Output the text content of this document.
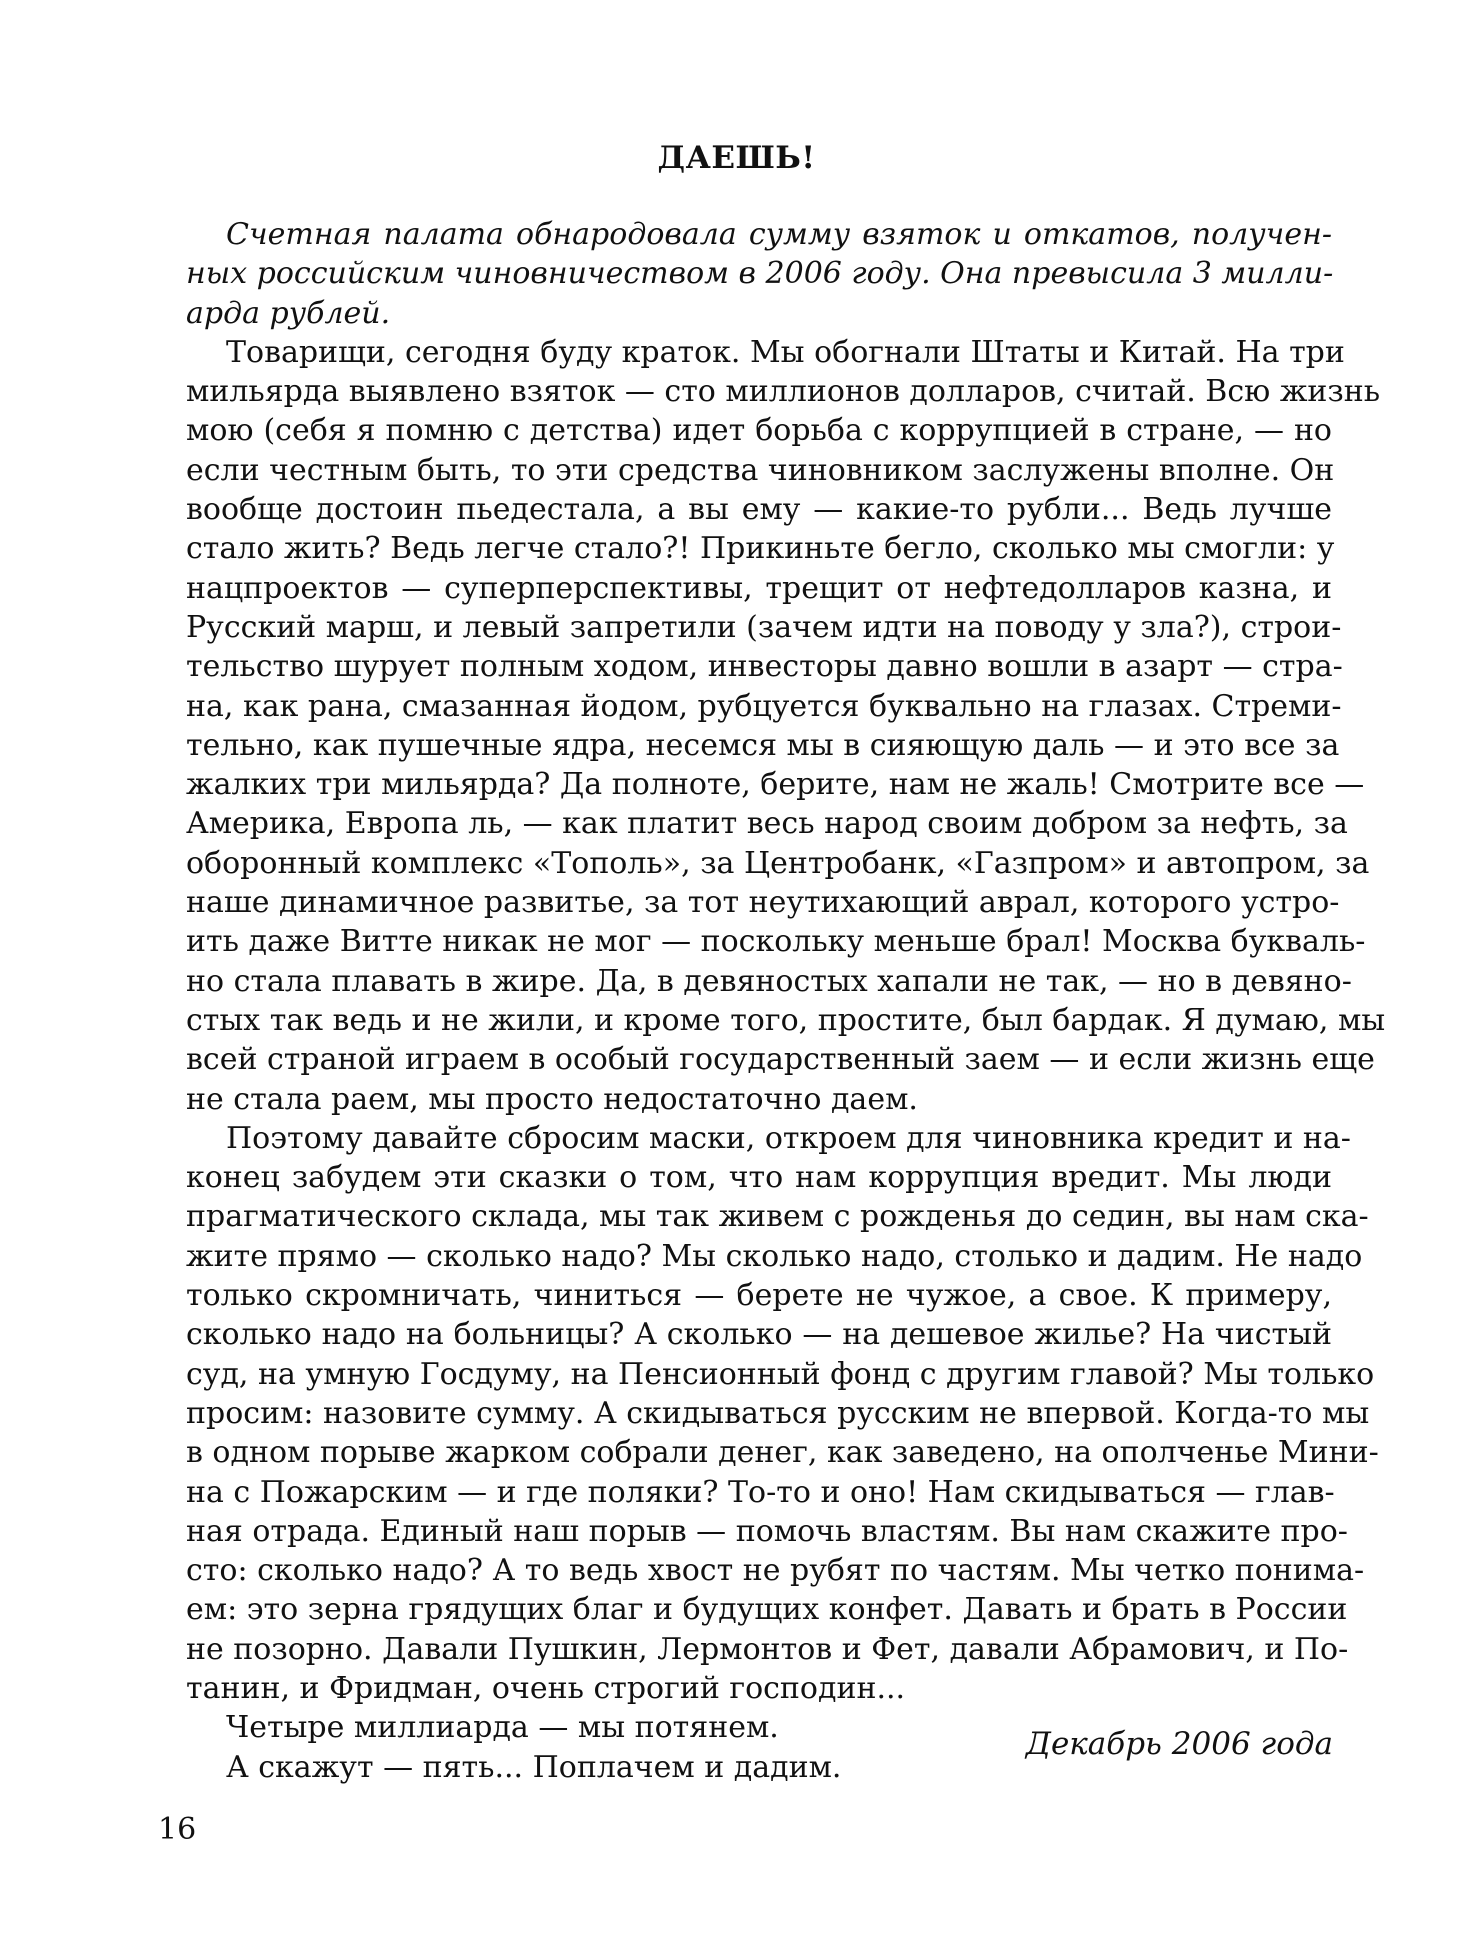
ДАЕШЬ!
Счетная палата обнародовала сумму взяток и откатов, получен-
ных российским чиновничеством в 2006 году. Она превысила 3 милли-
арда рублей.
Товарищи, сегодня буду краток. Мы обогнали Штаты и Китай. На три
мильярда выявлено взяток — сто миллионов долларов, считай. Всю жизнь
мою (себя я помню с детства) идет борьба с коррупцией в стране, — но
если честным быть, то эти средства чиновником заслужены вполне. Он
вообще достоин пьедестала, а вы ему — какие-то рубли... Ведь лучше
стало жить? Ведь легче стало?! Прикиньте бегло, сколько мы смогли: у
нацпроектов — суперперспективы, трещит от нефтедолларов казна, и
Русский марш, и левый запретили (зачем идти на поводу у зла?), строи-
тельство шурует полным ходом, инвесторы давно вошли в азарт — стра-
на, как рана, смазанная йодом, рубцуется буквально на глазах. Стреми-
тельно, как пушечные ядра, несемся мы в сияющую даль — и это все за
жалких три мильярда? Да полноте, берите, нам не жаль! Смотрите все —
Америка, Европа ль, — как платит весь народ своим добром за нефть, за
оборонный комплекс «Тополь», за Центробанк, «Газпром» и автопром, за
наше динамичное развитье, за тот неутихающий аврал, которого устро-
ить даже Витте никак не мог — поскольку меньше брал! Москва букваль-
но стала плавать в жире. Да, в девяностых хапали не так, — но в девяно-
стых так ведь и не жили, и кроме того, простите, был бардак. Я думаю, мы
всей страной играем в особый государственный заем — и если жизнь еще
не стала раем, мы просто недостаточно даем.
Поэтому давайте сбросим маски, откроем для чиновника кредит и на-
конец забудем эти сказки о том, что нам коррупция вредит. Мы люди
прагматического склада, мы так живем с рожденья до седин, вы нам ска-
жите прямо — сколько надо? Мы сколько надо, столько и дадим. Не надо
только скромничать, чиниться — берете не чужое, а свое. К примеру,
сколько надо на больницы? А сколько — на дешевое жилье? На чистый
суд, на умную Госдуму, на Пенсионный фонд с другим главой? Мы только
просим: назовите сумму. А скидываться русским не впервой. Когда-то мы
в одном порыве жарком собрали денег, как заведено, на ополченье Мини-
на с Пожарским — и где поляки? То-то и оно! Нам скидываться — глав-
ная отрада. Единый наш порыв — помочь властям. Вы нам скажите про-
сто: сколько надо? А то ведь хвост не рубят по частям. Мы четко понима-
ем: это зерна грядущих благ и будущих конфет. Давать и брать в России
не позорно. Давали Пушкин, Лермонтов и Фет, давали Абрамович, и По-
танин, и Фридман, очень строгий господин...
Четыре миллиарда — мы потянем.
А скажут — пять... Поплачем и дадим.
Декабрь 2006 года
16
